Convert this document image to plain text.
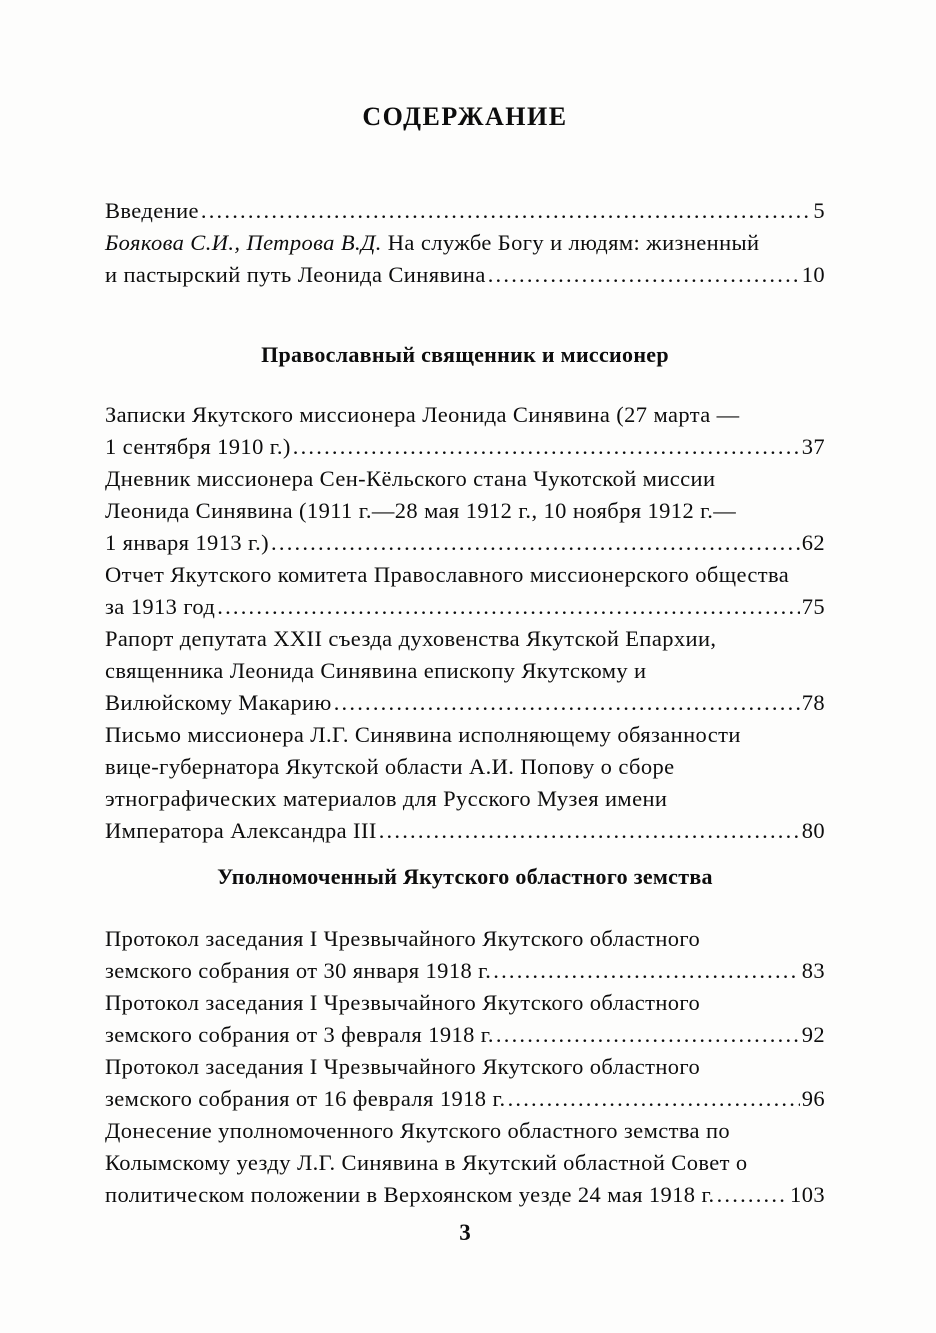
СОДЕРЖАНИЕ
Введение .....	5
Боякова С.И., Петрова В.Д. На службе Богу и людям: жизненный
и пастырский путь Леонида Синявина .....	10
Православный священник и миссионер
Записки Якутского миссионера Леонида Синявина (27 марта —
1 сентября 1910 г.) .....	37
Дневник миссионера Сен-Кёльского стана Чукотской миссии
Леонида Синявина (1911 г.—28 мая 1912 г., 10 ноября 1912 г.—
1 января 1913 г.) .....	62
Отчет Якутского комитета Православного миссионерского общества
за 1913 год .....	75
Рапорт депутата XXII съезда духовенства Якутской Епархии,
священника Леонида Синявина епископу Якутскому и
Вилюйскому Макарию .....	78
Письмо миссионера Л.Г. Синявина исполняющему обязанности
вице-губернатора Якутской области А.И. Попову о сборе
этнографических материалов для Русского Музея имени
Императора Александра III .....	80
Уполномоченный Якутского областного земства
Протокол заседания I Чрезвычайного Якутского областного
земского собрания от 30 января 1918 г. .....	83
Протокол заседания I Чрезвычайного Якутского областного
земского собрания от 3 февраля 1918 г. .....	92
Протокол заседания I Чрезвычайного Якутского областного
земского собрания от 16 февраля 1918 г. .....	96
Донесение уполномоченного Якутского областного земства по
Колымскому уезду Л.Г. Синявина в Якутский областной Совет о
политическом положении в Верхоянском уезде 24 мая 1918 г. .....	103
3
